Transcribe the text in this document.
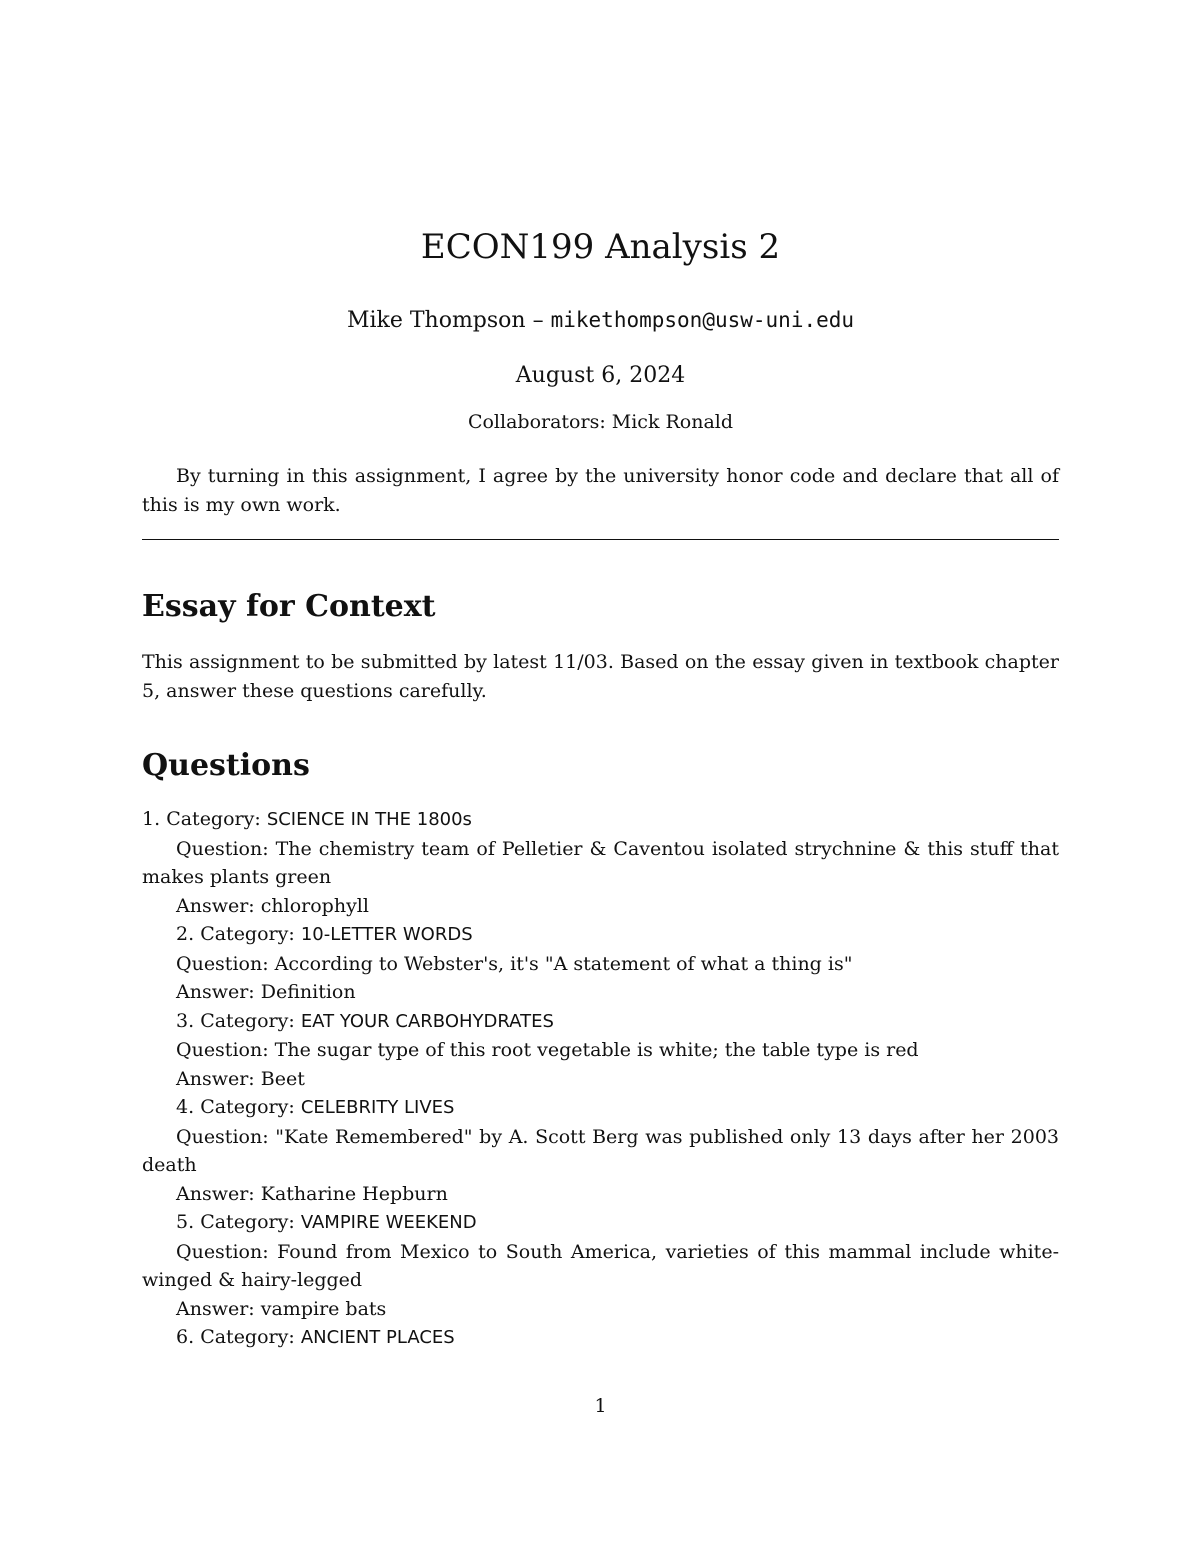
ECON199 Analysis 2
Mike Thompson – mikethompson@usw-uni.edu
August 6, 2024
Collaborators: Mick Ronald

By turning in this assignment, I agree by the university honor code and declare that all of this is my own work.

Essay for Context

This assignment to be submitted by latest 11/03. Based on the essay given in textbook chapter 5, answer these questions carefully.

Questions

1. Category: SCIENCE IN THE 1800s

Question: The chemistry team of Pelletier & Caventou isolated strychnine & this stuff that makes plants green

Answer: chlorophyll

2. Category: 10-LETTER WORDS

Question: According to Webster's, it's "A statement of what a thing is"

Answer: Definition

3. Category: EAT YOUR CARBOHYDRATES

Question: The sugar type of this root vegetable is white; the table type is red

Answer: Beet

4. Category: CELEBRITY LIVES

Question: "Kate Remembered" by A. Scott Berg was published only 13 days after her 2003 death

Answer: Katharine Hepburn

5. Category: VAMPIRE WEEKEND

Question: Found from Mexico to South America, varieties of this mammal include white-winged & hairy-legged

Answer: vampire bats

6. Category: ANCIENT PLACES

1
